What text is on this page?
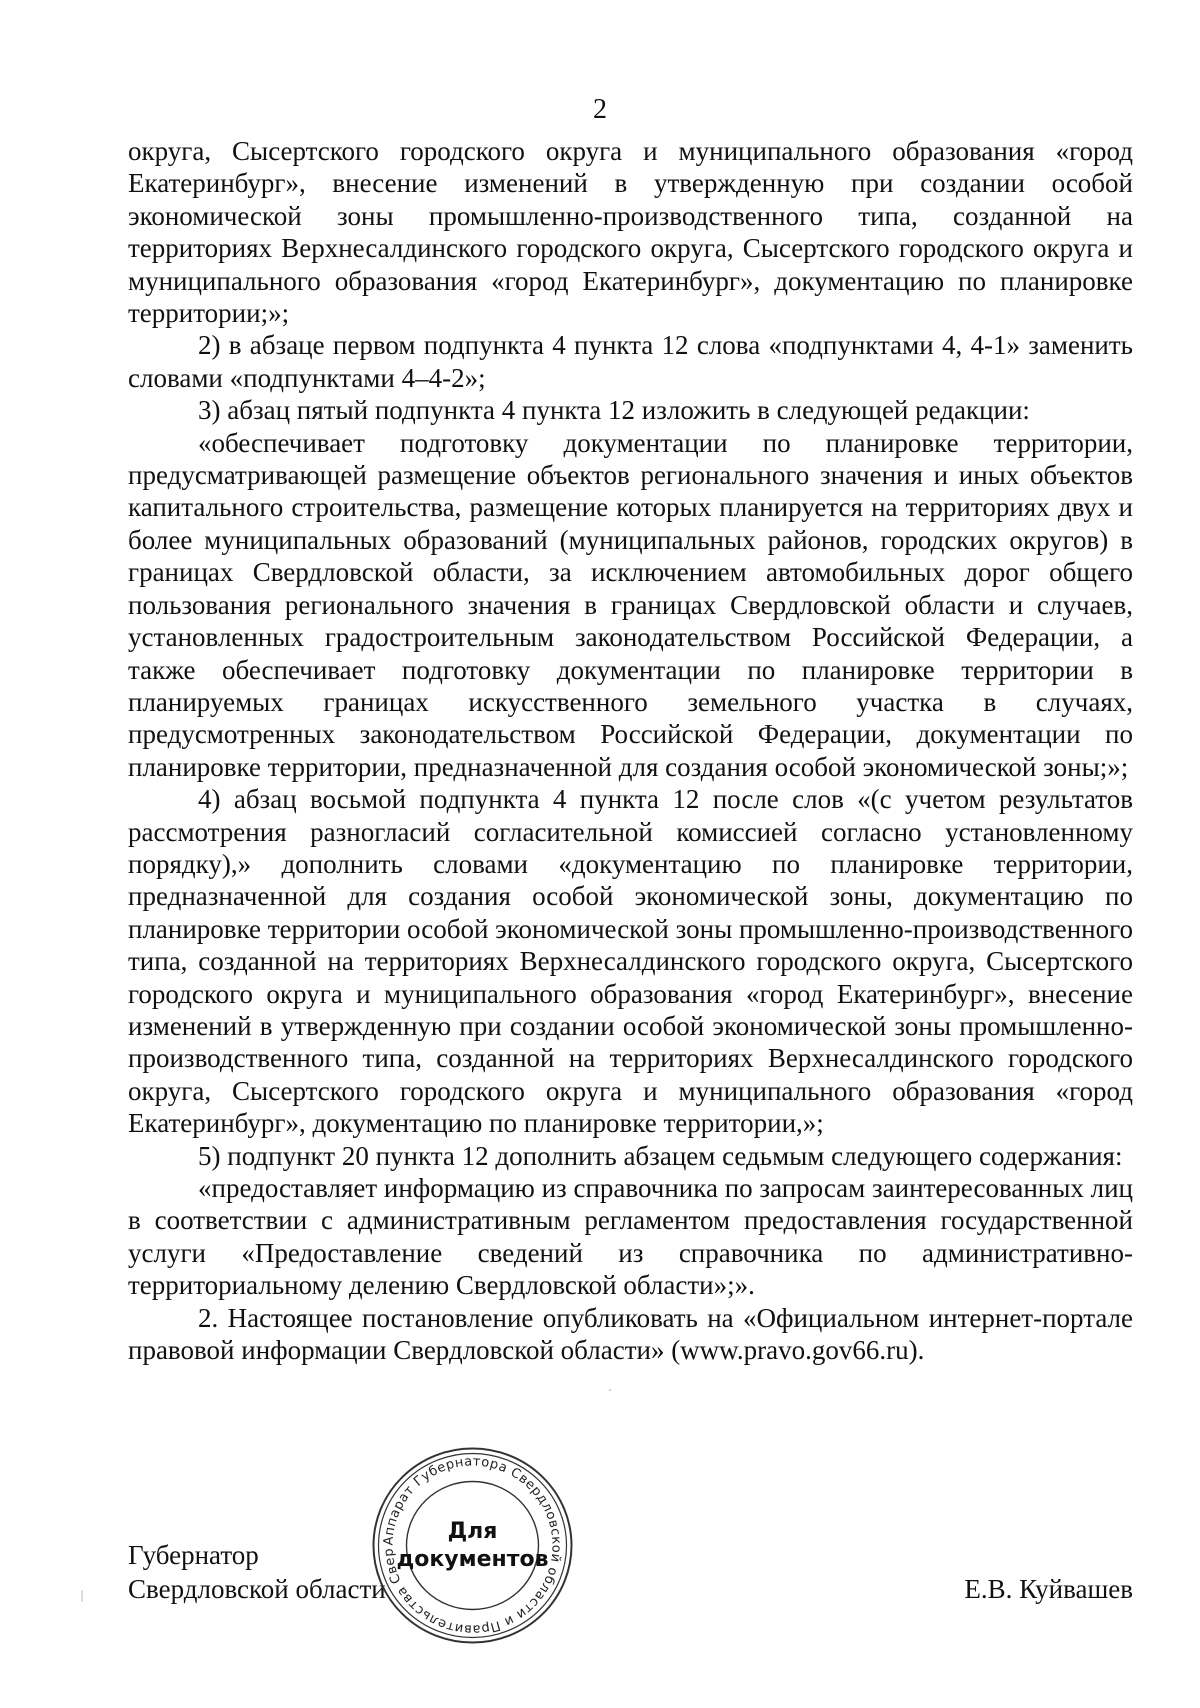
2

округа, Сысертского городского округа и муниципального образования «город Екатеринбург», внесение изменений в утвержденную при создании особой экономической зоны промышленно-производственного типа, созданной на территориях Верхнесалдинского городского округа, Сысертского городского округа и муниципального образования «город Екатеринбург», документацию по планировке территории;»;

2) в абзаце первом подпункта 4 пункта 12 слова «подпунктами 4, 4-1» заменить словами «подпунктами 4–4-2»;

3) абзац пятый подпункта 4 пункта 12 изложить в следующей редакции:

«обеспечивает подготовку документации по планировке территории, предусматривающей размещение объектов регионального значения и иных объектов капитального строительства, размещение которых планируется на территориях двух и более муниципальных образований (муниципальных районов, городских округов) в границах Свердловской области, за исключением автомобильных дорог общего пользования регионального значения в границах Свердловской области и случаев, установленных градостроительным законодательством Российской Федерации, а также обеспечивает подготовку документации по планировке территории в планируемых границах искусственного земельного участка в случаях, предусмотренных законодательством Российской Федерации, документации по планировке территории, предназначенной для создания особой экономической зоны;»;

4) абзац восьмой подпункта 4 пункта 12 после слов «(с учетом результатов рассмотрения разногласий согласительной комиссией согласно установленному порядку),» дополнить словами «документацию по планировке территории, предназначенной для создания особой экономической зоны, документацию по планировке территории особой экономической зоны промышленно-производственного типа, созданной на территориях Верхнесалдинского городского округа, Сысертского городского округа и муниципального образования «город Екатеринбург», внесение изменений в утвержденную при создании особой экономической зоны промышленно-производственного типа, созданной на территориях Верхнесалдинского городского округа, Сысертского городского округа и муниципального образования «город Екатеринбург», документацию по планировке территории,»;

5) подпункт 20 пункта 12 дополнить абзацем седьмым следующего содержания:

«предоставляет информацию из справочника по запросам заинтересованных лиц в соответствии с административным регламентом предоставления государственной услуги «Предоставление сведений из справочника по административно-территориальному делению Свердловской области»;».

2. Настоящее постановление опубликовать на «Официальном интернет-портале правовой информации Свердловской области» (www.pravo.gov66.ru).

Губернатор
Свердловской области	Е.В. Куйвашев
Аппарат Губернатора Свердловской области и Правительства Свердловской области ✱
Для
документов
